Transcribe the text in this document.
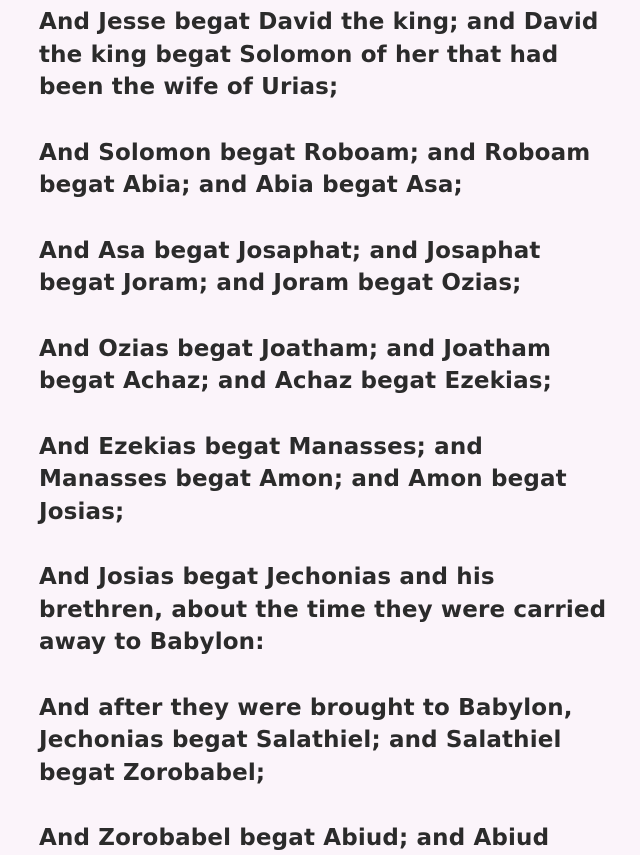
And Jesse begat David the king; and David
the king begat Solomon of her that had
been the wife of Urias;

And Solomon begat Roboam; and Roboam
begat Abia; and Abia begat Asa;

And Asa begat Josaphat; and Josaphat
begat Joram; and Joram begat Ozias;

And Ozias begat Joatham; and Joatham
begat Achaz; and Achaz begat Ezekias;

And Ezekias begat Manasses; and
Manasses begat Amon; and Amon begat
Josias;

And Josias begat Jechonias and his
brethren, about the time they were carried
away to Babylon:

And after they were brought to Babylon,
Jechonias begat Salathiel; and Salathiel
begat Zorobabel;

And Zorobabel begat Abiud; and Abiud
